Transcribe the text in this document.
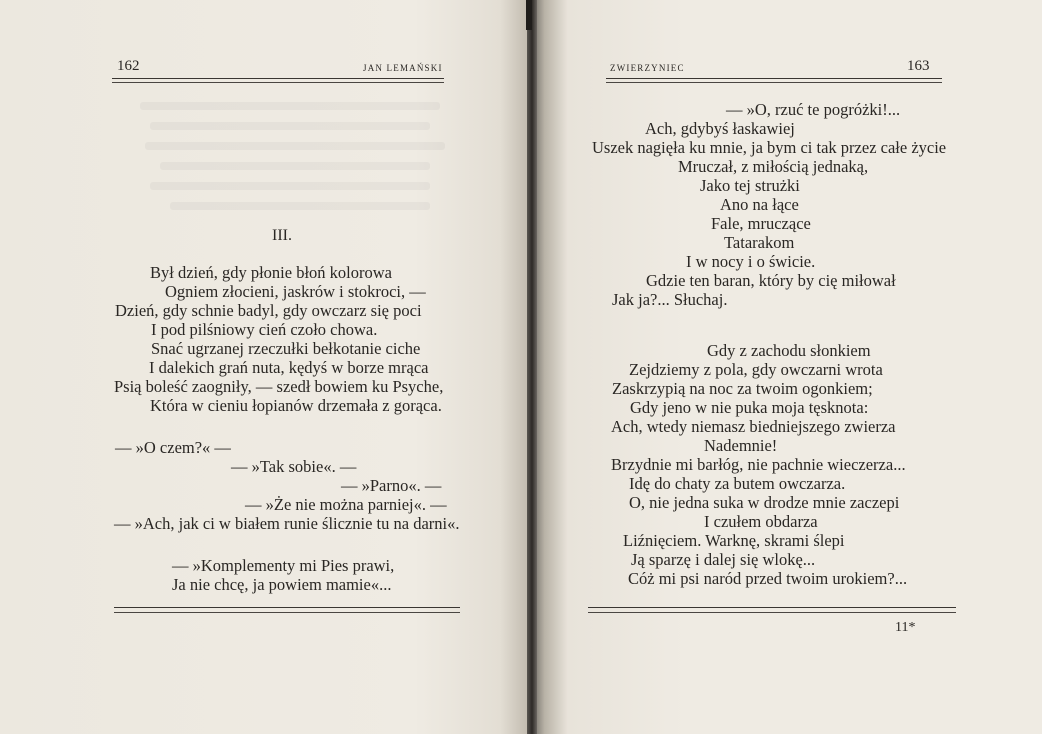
162	JAN LEMAŃSKI
III.
Był dzień, gdy płonie błoń kolorowa
Ogniem złocieni, jaskrów i stokroci, —
Dzień, gdy schnie badyl, gdy owczarz się poci
I pod pilśniowy cień czoło chowa.
Snać ugrzanej rzeczułki bełkotanie ciche
I dalekich grań nuta, kędyś w borze mrąca
Psią boleść zaogniły, — szedł bowiem ku Psyche,
Która w cieniu łopianów drzemała z gorąca.
— »O czem?« —
— »Tak sobie«. —
— »Parno«. —
— »Że nie można parniej«. —
— »Ach, jak ci w białem runie ślicznie tu na darni«.
— »Komplementy mi Pies prawi,
Ja nie chcę, ja powiem mamie«...
ZWIERZYNIEC	163
— »O, rzuć te pogróżki!...
Ach, gdybyś łaskawiej
Uszek nagięła ku mnie, ja bym ci tak przez całe życie
Mruczał, z miłością jednaką,
Jako tej strużki
Ano na łące
Fale, mruczące
Tatarakom
I w nocy i o świcie.
Gdzie ten baran, który by cię miłował
Jak ja?... Słuchaj.
Gdy z zachodu słonkiem
Zejdziemy z pola, gdy owczarni wrota
Zaskrzypią na noc za twoim ogonkiem;
Gdy jeno w nie puka moja tęsknota:
Ach, wtedy niemasz biedniejszego zwierza
Nademnie!
Brzydnie mi barłóg, nie pachnie wieczerza...
Idę do chaty za butem owczarza.
O, nie jedna suka w drodze mnie zaczepi
I czułem obdarza
Liźnięciem. Warknę, skrami ślepi
Ją sparzę i dalej się wlokę...
Cóż mi psi naród przed twoim urokiem?...
11*
